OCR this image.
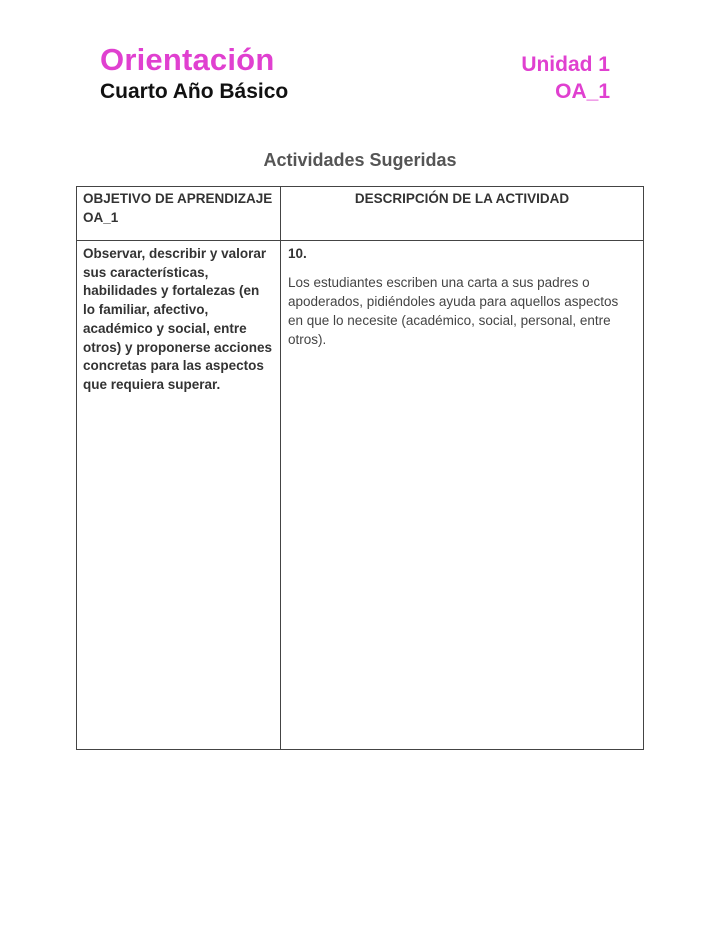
Orientación
Cuarto Año Básico
Unidad 1
OA_1
Actividades Sugeridas
OBJETIVO DE APRENDIZAJE OA_1	DESCRIPCIÓN DE LA ACTIVIDAD
Observar, describir y valorar sus características, habilidades y fortalezas (en lo familiar, afectivo, académico y social, entre otros) y proponerse acciones concretas para las aspectos que requiera superar.	10.
Los estudiantes escriben una carta a sus padres o apoderados, pidiéndoles ayuda para aquellos aspectos en que lo necesite (académico, social, personal, entre otros).
